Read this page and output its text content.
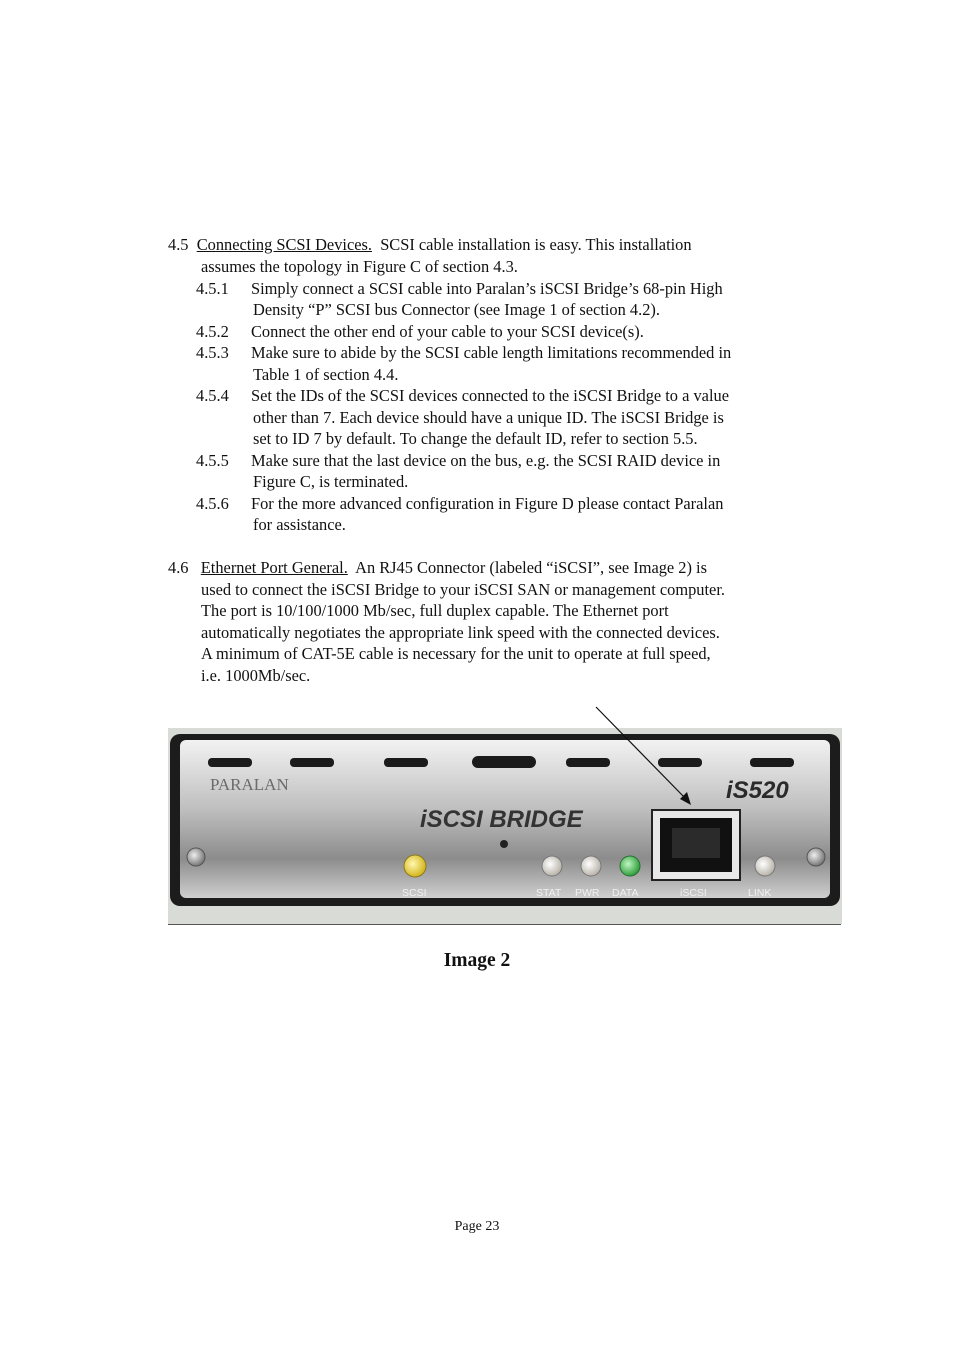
4.5 Connecting SCSI Devices. SCSI cable installation is easy. This installation
assumes the topology in Figure C of section 4.3.
4.5.1 Simply connect a SCSI cable into Paralan’s iSCSI Bridge’s 68-pin High
Density “P” SCSI bus Connector (see Image 1 of section 4.2).
4.5.2 Connect the other end of your cable to your SCSI device(s).
4.5.3 Make sure to abide by the SCSI cable length limitations recommended in
Table 1 of section 4.4.
4.5.4 Set the IDs of the SCSI devices connected to the iSCSI Bridge to a value
other than 7. Each device should have a unique ID. The iSCSI Bridge is
set to ID 7 by default. To change the default ID, refer to section 5.5.
4.5.5 Make sure that the last device on the bus, e.g. the SCSI RAID device in
Figure C, is terminated.
4.5.6 For the more advanced configuration in Figure D please contact Paralan
for assistance.
4.6 Ethernet Port General. An RJ45 Connector (labeled “iSCSI”, see Image 2) is
used to connect the iSCSI Bridge to your iSCSI SAN or management computer.
The port is 10/100/1000 Mb/sec, full duplex capable. The Ethernet port
automatically negotiates the appropriate link speed with the connected devices.
A minimum of CAT-5E cable is necessary for the unit to operate at full speed,
i.e. 1000Mb/sec.
PARALAN	iS520
iSCSI BRIDGE
SCSI	STAT PWR DATA	iSCSI	LINK
Image 2
Page 23
